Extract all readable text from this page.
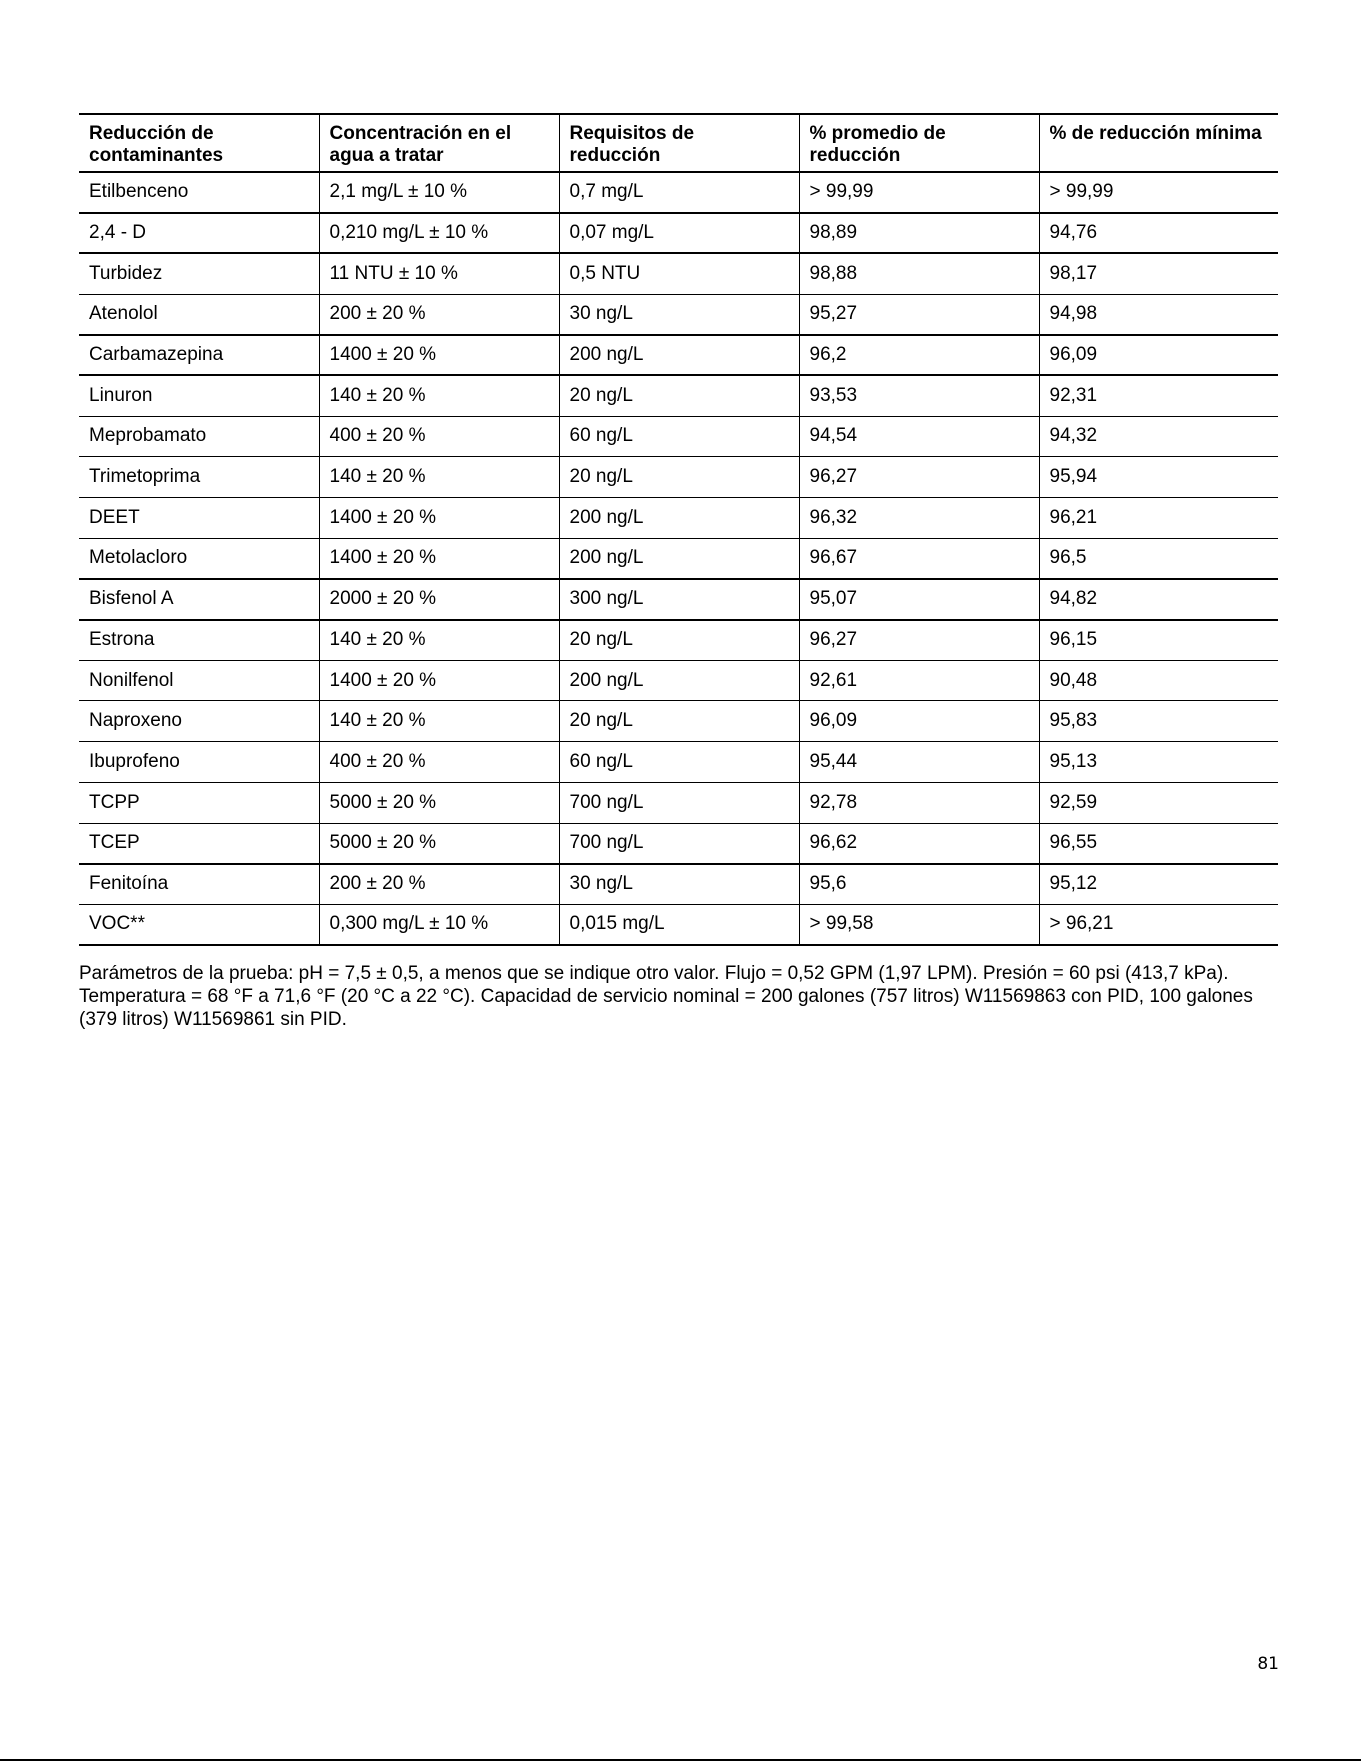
Reducción de contaminantes	Concentración en el agua a tratar	Requisitos de reducción	% promedio de reducción	% de reducción mínima
Etilbenceno	2,1 mg/L ± 10 %	0,7 mg/L	> 99,99	> 99,99
2,4 - D	0,210 mg/L ± 10 %	0,07 mg/L	98,89	94,76
Turbidez	11 NTU ± 10 %	0,5 NTU	98,88	98,17
Atenolol	200 ± 20 %	30 ng/L	95,27	94,98
Carbamazepina	1400 ± 20 %	200 ng/L	96,2	96,09
Linuron	140 ± 20 %	20 ng/L	93,53	92,31
Meprobamato	400 ± 20 %	60 ng/L	94,54	94,32
Trimetoprima	140 ± 20 %	20 ng/L	96,27	95,94
DEET	1400 ± 20 %	200 ng/L	96,32	96,21
Metolacloro	1400 ± 20 %	200 ng/L	96,67	96,5
Bisfenol A	2000 ± 20 %	300 ng/L	95,07	94,82
Estrona	140 ± 20 %	20 ng/L	96,27	96,15
Nonilfenol	1400 ± 20 %	200 ng/L	92,61	90,48
Naproxeno	140 ± 20 %	20 ng/L	96,09	95,83
Ibuprofeno	400 ± 20 %	60 ng/L	95,44	95,13
TCPP	5000 ± 20 %	700 ng/L	92,78	92,59
TCEP	5000 ± 20 %	700 ng/L	96,62	96,55
Fenitoína	200 ± 20 %	30 ng/L	95,6	95,12
VOC**	0,300 mg/L ± 10 %	0,015 mg/L	> 99,58	> 96,21

Parámetros de la prueba: pH = 7,5 ± 0,5, a menos que se indique otro valor. Flujo = 0,52 GPM (1,97 LPM). Presión = 60 psi (413,7 kPa). Temperatura = 68 °F a 71,6 °F (20 °C a 22 °C). Capacidad de servicio nominal = 200 galones (757 litros) W11569863 con PID, 100 galones (379 litros) W11569861 sin PID.

81
